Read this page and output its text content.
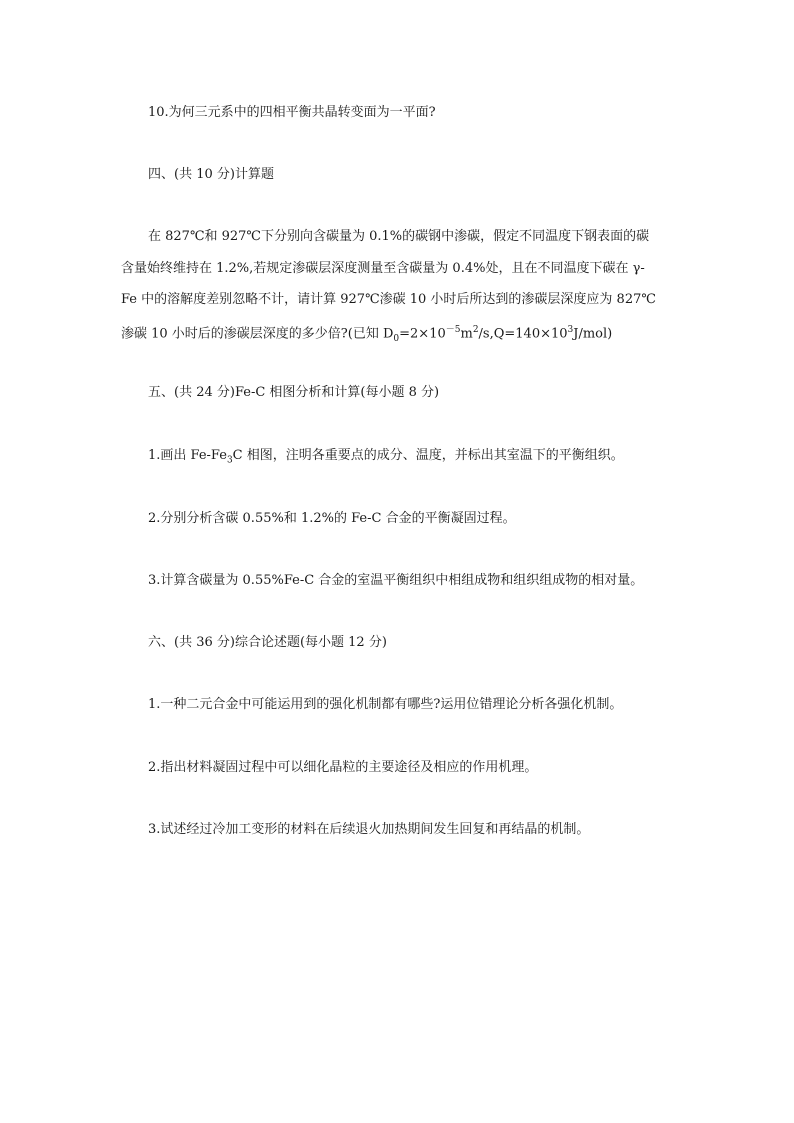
10.为何三元系中的四相平衡共晶转变面为一平面?
四、(共 10 分)计算题
在 827℃和 927℃下分别向含碳量为 0.1%的碳钢中渗碳，假定不同温度下钢表面的碳
含量始终维持在 1.2%,若规定渗碳层深度测量至含碳量为 0.4%处，且在不同温度下碳在 γ-
Fe 中的溶解度差别忽略不计，请计算 927℃渗碳 10 小时后所达到的渗碳层深度应为 827℃
渗碳 10 小时后的渗碳层深度的多少倍?(已知 $D_0=2\times 10^{-5}m^2/s,Q=140\times 10^3J/mol$)
五、(共 24 分)Fe-C 相图分析和计算(每小题 8 分)
1.画出 $Fe-Fe_3C$ 相图，注明各重要点的成分、温度，并标出其室温下的平衡组织。
2.分别分析含碳 0.55%和 1.2%的 Fe-C 合金的平衡凝固过程。
3.计算含碳量为 0.55%Fe-C 合金的室温平衡组织中相组成物和组织组成物的相对量。
六、(共 36 分)综合论述题(每小题 12 分)
1.一种二元合金中可能运用到的强化机制都有哪些?运用位错理论分析各强化机制。
2.指出材料凝固过程中可以细化晶粒的主要途径及相应的作用机理。
3.试述经过冷加工变形的材料在后续退火加热期间发生回复和再结晶的机制。
